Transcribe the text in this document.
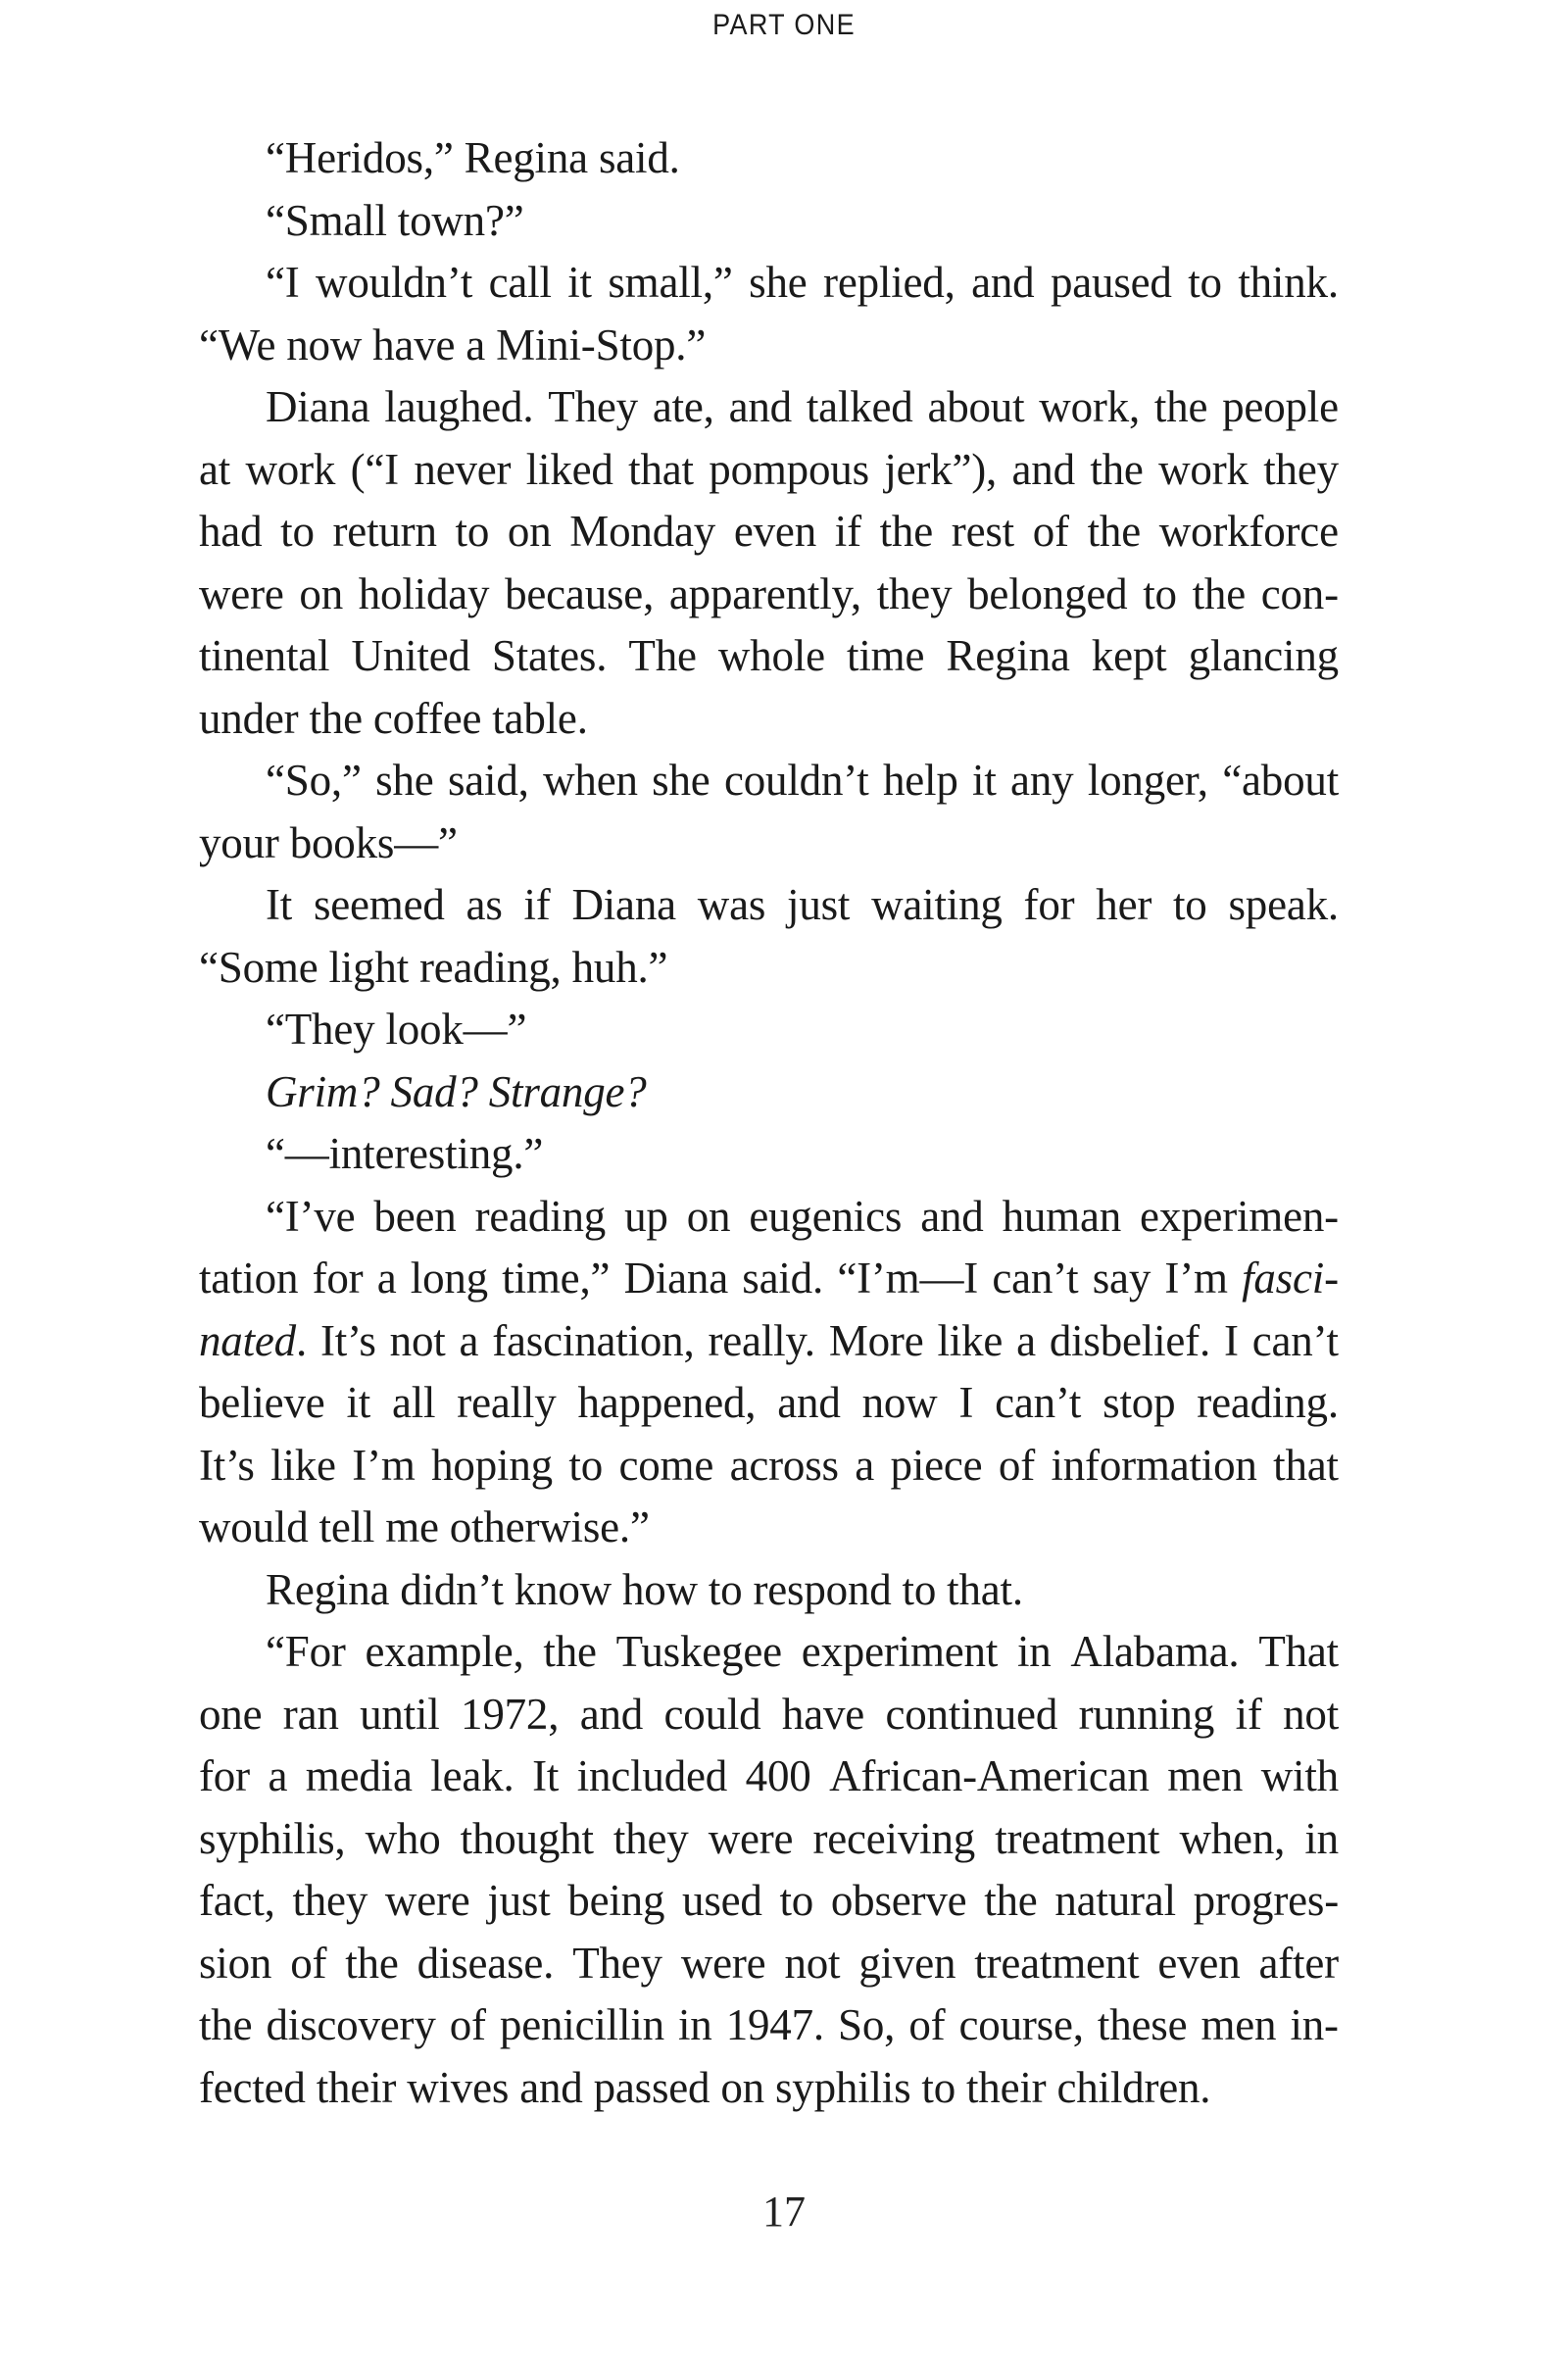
PART ONE
“Heridos,” Regina said.
“Small town?”
“I wouldn’t call it small,” she replied, and paused to think.
“We now have a Mini-Stop.”
Diana laughed. They ate, and talked about work, the people
at work (“I never liked that pompous jerk”), and the work they
had to return to on Monday even if the rest of the workforce
were on holiday because, apparently, they belonged to the con-
tinental United States. The whole time Regina kept glancing
under the coffee table.
“So,” she said, when she couldn’t help it any longer, “about
your books—”
It seemed as if Diana was just waiting for her to speak.
“Some light reading, huh.”
“They look—”
Grim? Sad? Strange?
“—interesting.”
“I’ve been reading up on eugenics and human experimen-
tation for a long time,” Diana said. “I’m—I can’t say I’m fasci-
nated. It’s not a fascination, really. More like a disbelief. I can’t
believe it all really happened, and now I can’t stop reading.
It’s like I’m hoping to come across a piece of information that
would tell me otherwise.”
Regina didn’t know how to respond to that.
“For example, the Tuskegee experiment in Alabama. That
one ran until 1972, and could have continued running if not
for a media leak. It included 400 African-American men with
syphilis, who thought they were receiving treatment when, in
fact, they were just being used to observe the natural progres-
sion of the disease. They were not given treatment even after
the discovery of penicillin in 1947. So, of course, these men in-
fected their wives and passed on syphilis to their children.
17
